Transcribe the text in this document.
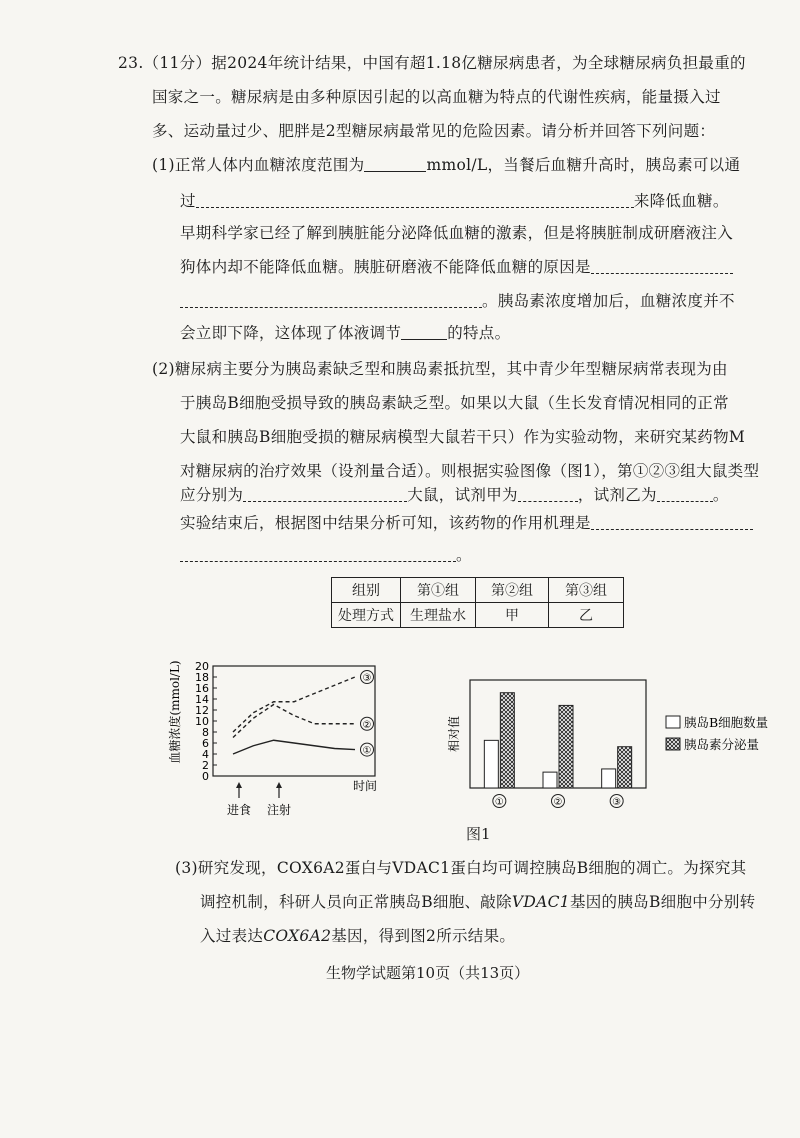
23.（11分）据2024年统计结果，中国有超1.18亿糖尿病患者，为全球糖尿病负担最重的
国家之一。糖尿病是由多种原因引起的以高血糖为特点的代谢性疾病，能量摄入过
多、运动量过少、肥胖是2型糖尿病最常见的危险因素。请分析并回答下列问题：
(1)正常人体内血糖浓度范围为	mmol/L，当餐后血糖升高时，胰岛素可以通
过	来降低血糖。
早期科学家已经了解到胰脏能分泌降低血糖的激素，但是将胰脏制成研磨液注入
狗体内却不能降低血糖。胰脏研磨液不能降低血糖的原因是
。胰岛素浓度增加后，血糖浓度并不
会立即下降，这体现了体液调节	的特点。
(2)糖尿病主要分为胰岛素缺乏型和胰岛素抵抗型，其中青少年型糖尿病常表现为由
于胰岛B细胞受损导致的胰岛素缺乏型。如果以大鼠（生长发育情况相同的正常
大鼠和胰岛B细胞受损的糖尿病模型大鼠若干只）作为实验动物，来研究某药物M
对糖尿病的治疗效果（设剂量合适）。则根据实验图像（图1），第①②③组大鼠类型
应分别为	大鼠，试剂甲为	，试剂乙为	。
实验结束后，根据图中结果分析可知，该药物的作用机理是
。
组别	第①组	第②组	第③组
处理方式	生理盐水	甲	乙
血糖浓度(mmol/L)
0
2
4
6
8
10
12
14
16
18
20
③
②
①
时间
进食 注射
相对值
①	②	③
胰岛B细胞数量
胰岛素分泌量
图1
(3)研究发现，COX6A2蛋白与VDAC1蛋白均可调控胰岛B细胞的凋亡。为探究其
调控机制，科研人员向正常胰岛B细胞、敲除VDAC1基因的胰岛B细胞中分别转
入过表达COX6A2基因，得到图2所示结果。
生物学试题第10页（共13页）
